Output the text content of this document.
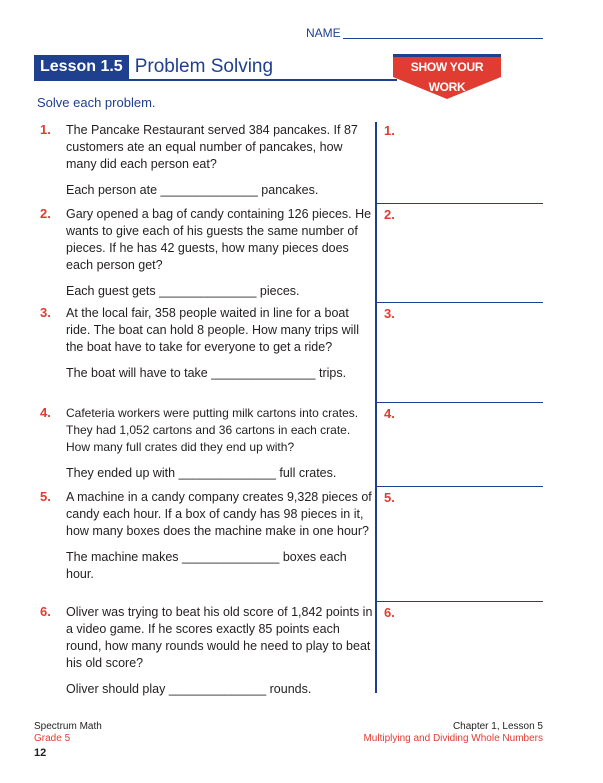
NAME
Lesson 1.5 Problem Solving	SHOW YOUR WORK
Solve each problem.
1. The Pancake Restaurant served 384 pancakes. If 87 customers ate an equal number of pancakes, how many did each person eat?
Each person ate ______________ pancakes.
2. Gary opened a bag of candy containing 126 pieces. He wants to give each of his guests the same number of pieces. If he has 42 guests, how many pieces does each person get?
Each guest gets ______________ pieces.
3. At the local fair, 358 people waited in line for a boat ride. The boat can hold 8 people. How many trips will the boat have to take for everyone to get a ride?
The boat will have to take _______________ trips.
4. Cafeteria workers were putting milk cartons into crates. They had 1,052 cartons and 36 cartons in each crate. How many full crates did they end up with?
They ended up with ______________ full crates.
5. A machine in a candy company creates 9,328 pieces of candy each hour. If a box of candy has 98 pieces in it, how many boxes does the machine make in one hour?
The machine makes ______________ boxes each hour.
6. Oliver was trying to beat his old score of 1,842 points in a video game. If he scores exactly 85 points each round, how many rounds would he need to play to beat his old score?
Oliver should play ______________ rounds.
1.
2.
3.
4.
5.
6.
Spectrum Math
Grade 5
12
Chapter 1, Lesson 5
Multiplying and Dividing Whole Numbers
